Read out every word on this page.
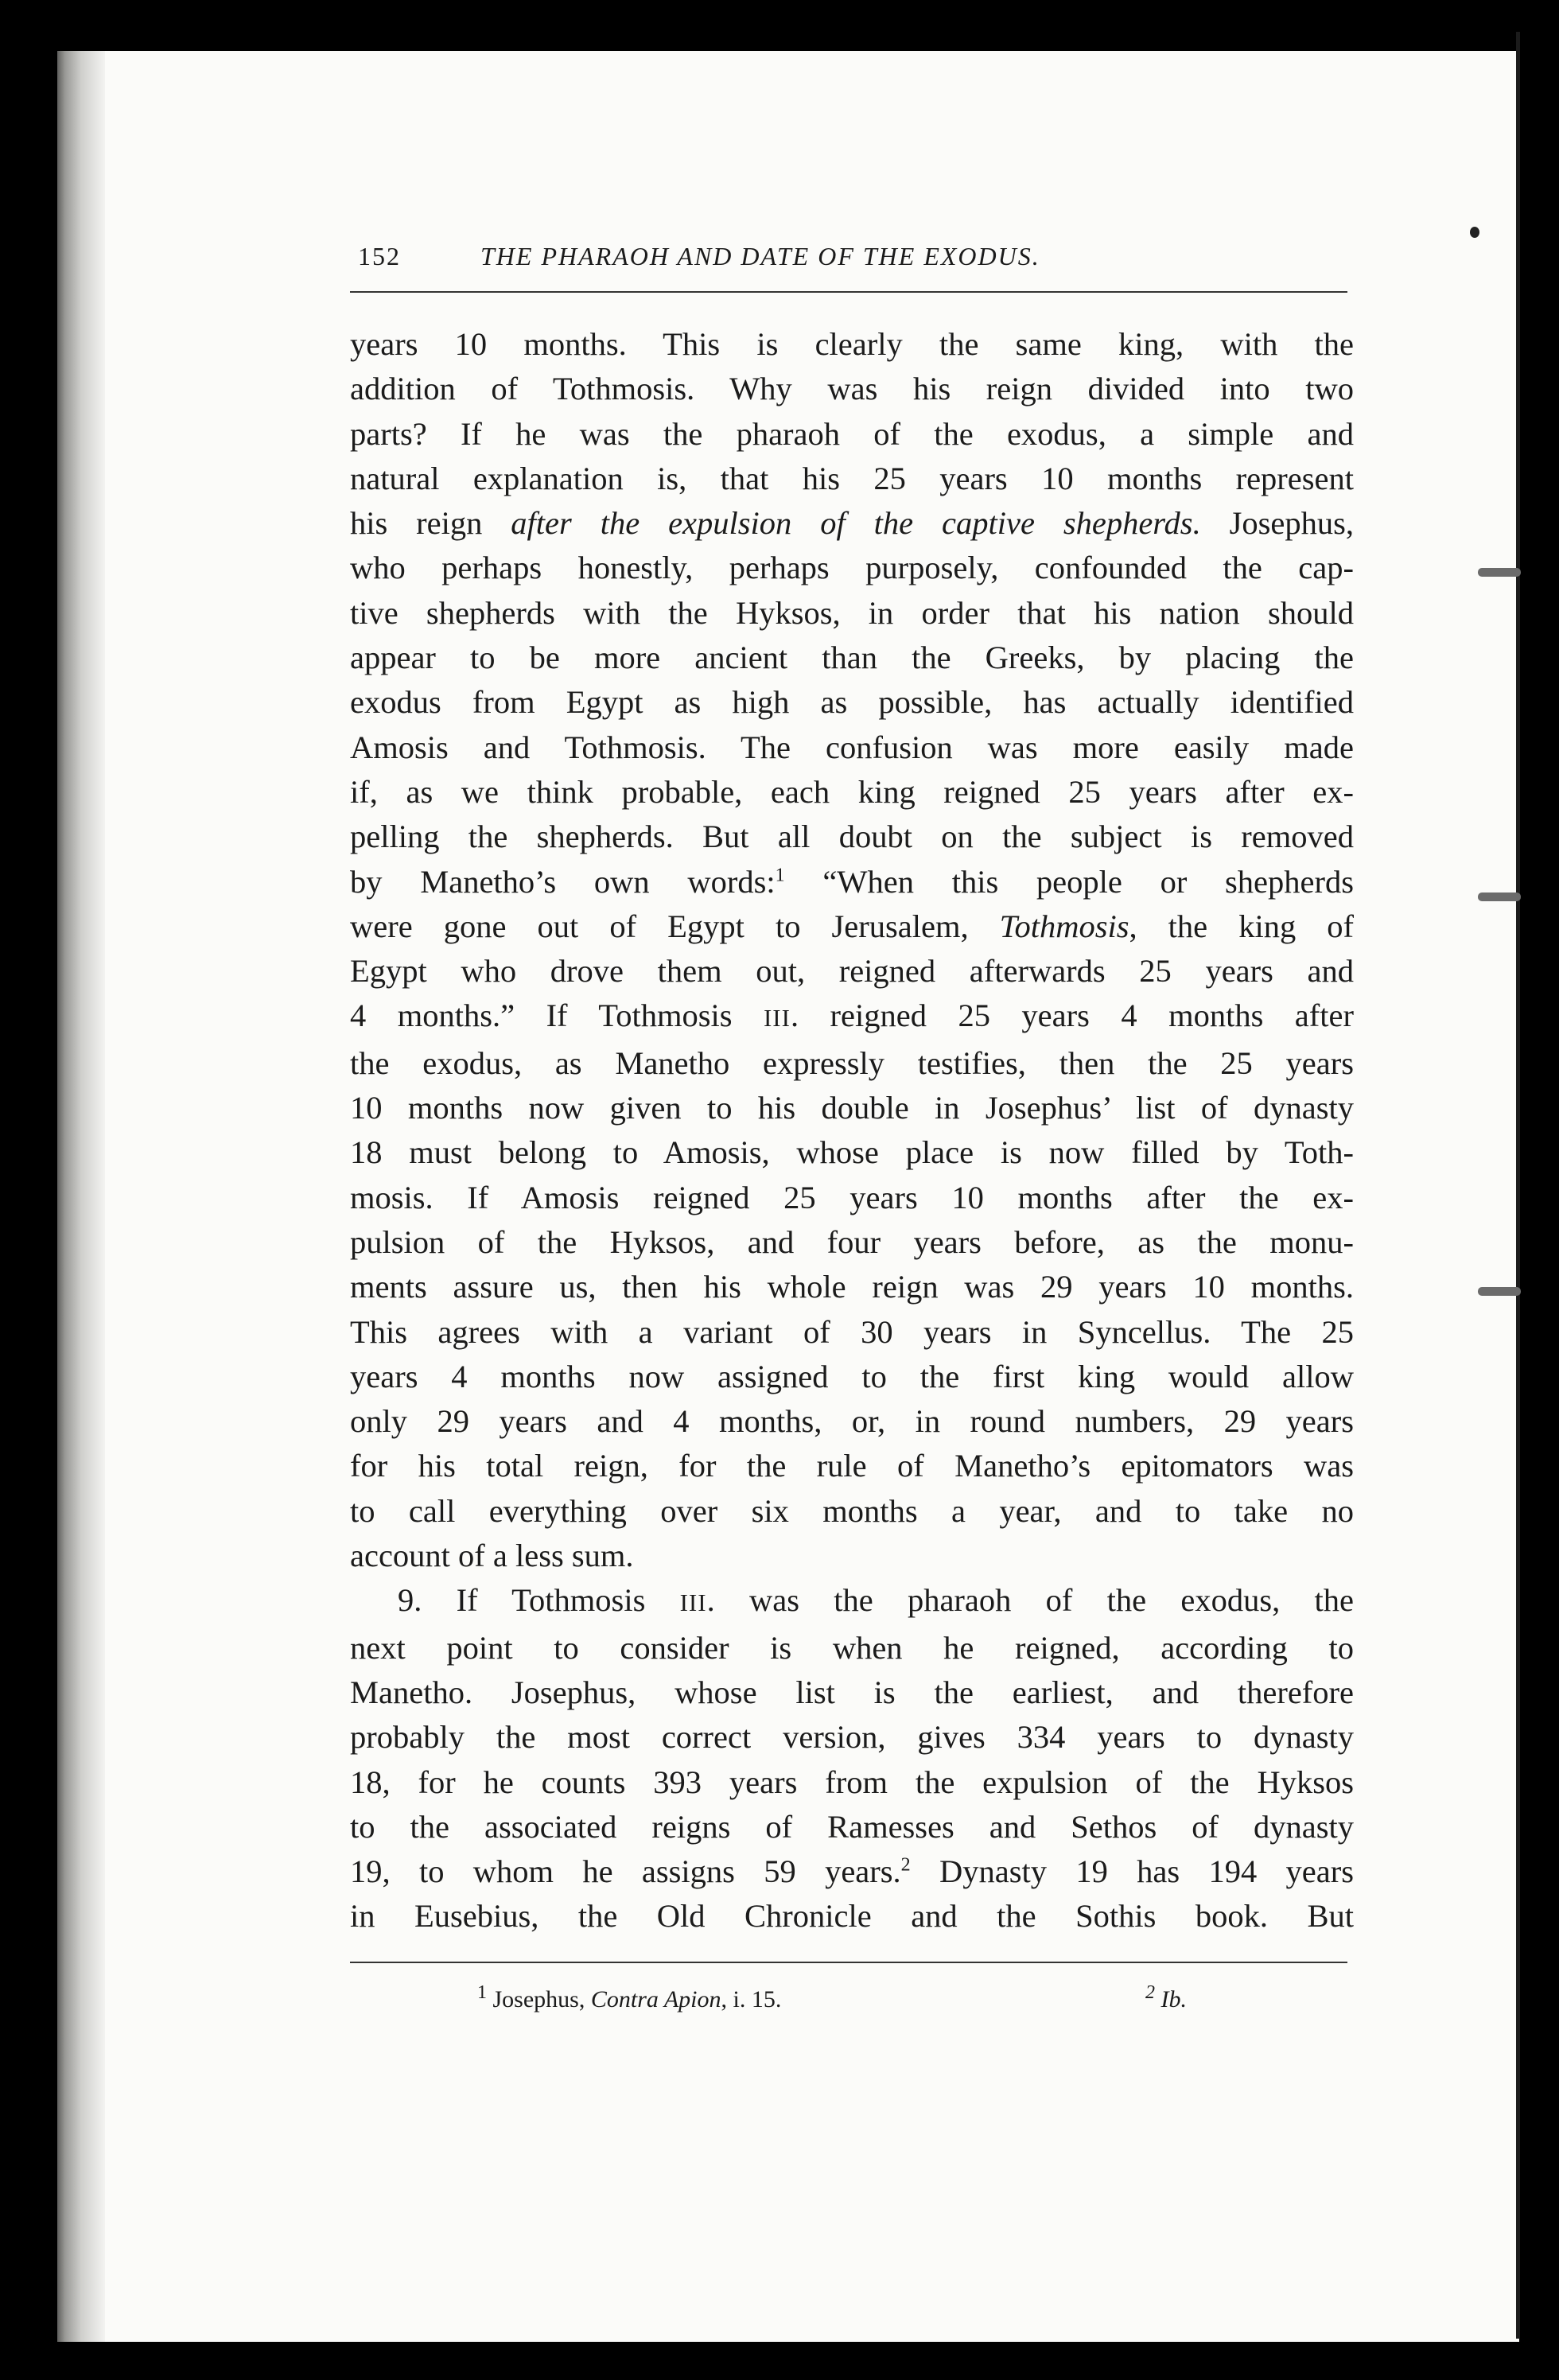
152	THE PHARAOH AND DATE OF THE EXODUS.
years 10 months. This is clearly the same king, with the
addition of Tothmosis. Why was his reign divided into two
parts? If he was the pharaoh of the exodus, a simple and
natural explanation is, that his 25 years 10 months represent
his reign after the expulsion of the captive shepherds. Josephus,
who perhaps honestly, perhaps purposely, confounded the cap-
tive shepherds with the Hyksos, in order that his nation should
appear to be more ancient than the Greeks, by placing the
exodus from Egypt as high as possible, has actually identified
Amosis and Tothmosis. The confusion was more easily made
if, as we think probable, each king reigned 25 years after ex-
pelling the shepherds. But all doubt on the subject is removed
by Manetho’s own words:$^1$ “When this people or shepherds
were gone out of Egypt to Jerusalem, Tothmosis, the king of
Egypt who drove them out, reigned afterwards 25 years and
4 months.” If Tothmosis III. reigned 25 years 4 months after
the exodus, as Manetho expressly testifies, then the 25 years
10 months now given to his double in Josephus’ list of dynasty
18 must belong to Amosis, whose place is now filled by Toth-
mosis. If Amosis reigned 25 years 10 months after the ex-
pulsion of the Hyksos, and four years before, as the monu-
ments assure us, then his whole reign was 29 years 10 months.
This agrees with a variant of 30 years in Syncellus. The 25
years 4 months now assigned to the first king would allow
only 29 years and 4 months, or, in round numbers, 29 years
for his total reign, for the rule of Manetho’s epitomators was
to call everything over six months a year, and to take no
account of a less sum.
9. If Tothmosis III. was the pharaoh of the exodus, the
next point to consider is when he reigned, according to
Manetho. Josephus, whose list is the earliest, and therefore
probably the most correct version, gives 334 years to dynasty
18, for he counts 393 years from the expulsion of the Hyksos
to the associated reigns of Ramesses and Sethos of dynasty
19, to whom he assigns 59 years.$^2$ Dynasty 19 has 194 years
in Eusebius, the Old Chronicle and the Sothis book. But
$^1$ Josephus, Contra Apion, i. 15.	$^2$ Ib.
